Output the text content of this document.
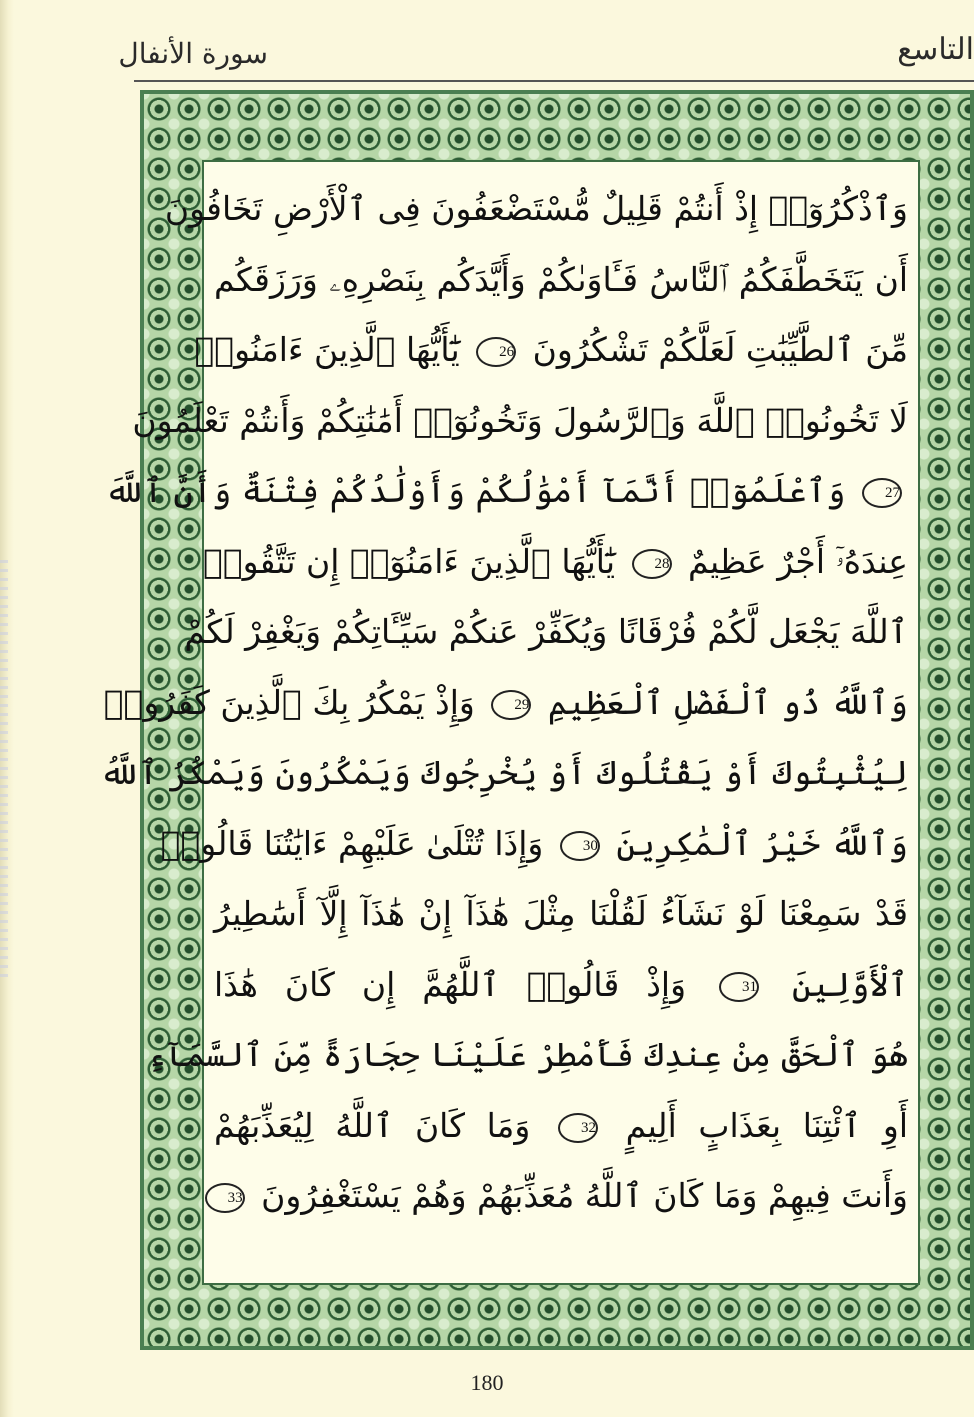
التاسع
سورة الأنفال
وَٱذْكُرُوٓا۟ إِذْ أَنتُمْ قَلِيلٌ مُّسْتَضْعَفُونَ فِى ٱلْأَرْضِ تَخَافُونَ
أَن يَتَخَطَّفَكُمُ ٱلنَّاسُ فَـَٔاوَىٰكُمْ وَأَيَّدَكُم بِنَصْرِهِۦ وَرَزَقَكُم
مِّنَ ٱلطَّيِّبَٰتِ لَعَلَّكُمْ تَشْكُرُونَ 26 يَٰٓأَيُّهَا ٱلَّذِينَ ءَامَنُوا۟
لَا تَخُونُوا۟ ٱللَّهَ وَٱلرَّسُولَ وَتَخُونُوٓا۟ أَمَٰنَٰتِكُمْ وَأَنتُمْ تَعْلَمُونَ
27 وَٱعْلَمُوٓا۟ أَنَّمَآ أَمْوَٰلُكُمْ وَأَوْلَٰدُكُمْ فِتْنَةٌ وَأَنَّ ٱللَّهَ
عِندَهُۥٓ أَجْرٌ عَظِيمٌ 28 يَٰٓأَيُّهَا ٱلَّذِينَ ءَامَنُوٓا۟ إِن تَتَّقُوا۟
ٱللَّهَ يَجْعَل لَّكُمْ فُرْقَانًا وَيُكَفِّرْ عَنكُمْ سَيِّـَٔاتِكُمْ وَيَغْفِرْ لَكُمْ
وَٱللَّهُ ذُو ٱلْفَضْلِ ٱلْعَظِيمِ 29 وَإِذْ يَمْكُرُ بِكَ ٱلَّذِينَ كَفَرُوا۟
لِيُثْبِتُوكَ أَوْ يَقْتُلُوكَ أَوْ يُخْرِجُوكَ وَيَمْكُرُونَ وَيَمْكُرُ ٱللَّهُ
وَٱللَّهُ خَيْرُ ٱلْمَٰكِرِينَ 30 وَإِذَا تُتْلَىٰ عَلَيْهِمْ ءَايَٰتُنَا قَالُوا۟
قَدْ سَمِعْنَا لَوْ نَشَآءُ لَقُلْنَا مِثْلَ هَٰذَآ إِنْ هَٰذَآ إِلَّآ أَسَٰطِيرُ
ٱلْأَوَّلِينَ 31 وَإِذْ قَالُوا۟ ٱللَّهُمَّ إِن كَانَ هَٰذَا
هُوَ ٱلْحَقَّ مِنْ عِندِكَ فَأَمْطِرْ عَلَيْنَا حِجَارَةً مِّنَ ٱلسَّمَآءِ
أَوِ ٱئْتِنَا بِعَذَابٍ أَلِيمٍ 32 وَمَا كَانَ ٱللَّهُ لِيُعَذِّبَهُمْ
وَأَنتَ فِيهِمْ وَمَا كَانَ ٱللَّهُ مُعَذِّبَهُمْ وَهُمْ يَسْتَغْفِرُونَ 33
180
